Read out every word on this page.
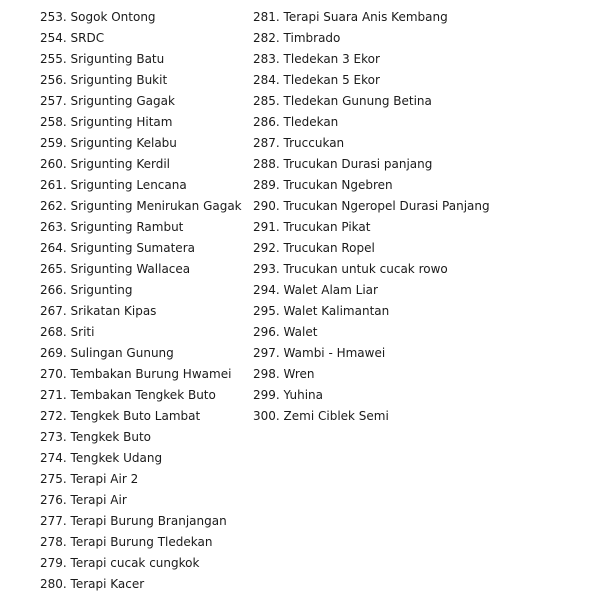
253. Sogok Ontong
254. SRDC
255. Srigunting Batu
256. Srigunting Bukit
257. Srigunting Gagak
258. Srigunting Hitam
259. Srigunting Kelabu
260. Srigunting Kerdil
261. Srigunting Lencana
262. Srigunting Menirukan Gagak
263. Srigunting Rambut
264. Srigunting Sumatera
265. Srigunting Wallacea
266. Srigunting
267. Srikatan Kipas
268. Sriti
269. Sulingan Gunung
270. Tembakan Burung Hwamei
271. Tembakan Tengkek Buto
272. Tengkek Buto Lambat
273. Tengkek Buto
274. Tengkek Udang
275. Terapi Air 2
276. Terapi Air
277. Terapi Burung Branjangan
278. Terapi Burung Tledekan
279. Terapi cucak cungkok
280. Terapi Kacer
281. Terapi Suara Anis Kembang
282. Timbrado
283. Tledekan 3 Ekor
284. Tledekan 5 Ekor
285. Tledekan Gunung Betina
286. Tledekan
287. Truccukan
288. Trucukan Durasi panjang
289. Trucukan Ngebren
290. Trucukan Ngeropel Durasi Panjang
291. Trucukan Pikat
292. Trucukan Ropel
293. Trucukan untuk cucak rowo
294. Walet Alam Liar
295. Walet Kalimantan
296. Walet
297. Wambi - Hmawei
298. Wren
299. Yuhina
300. Zemi Ciblek Semi
